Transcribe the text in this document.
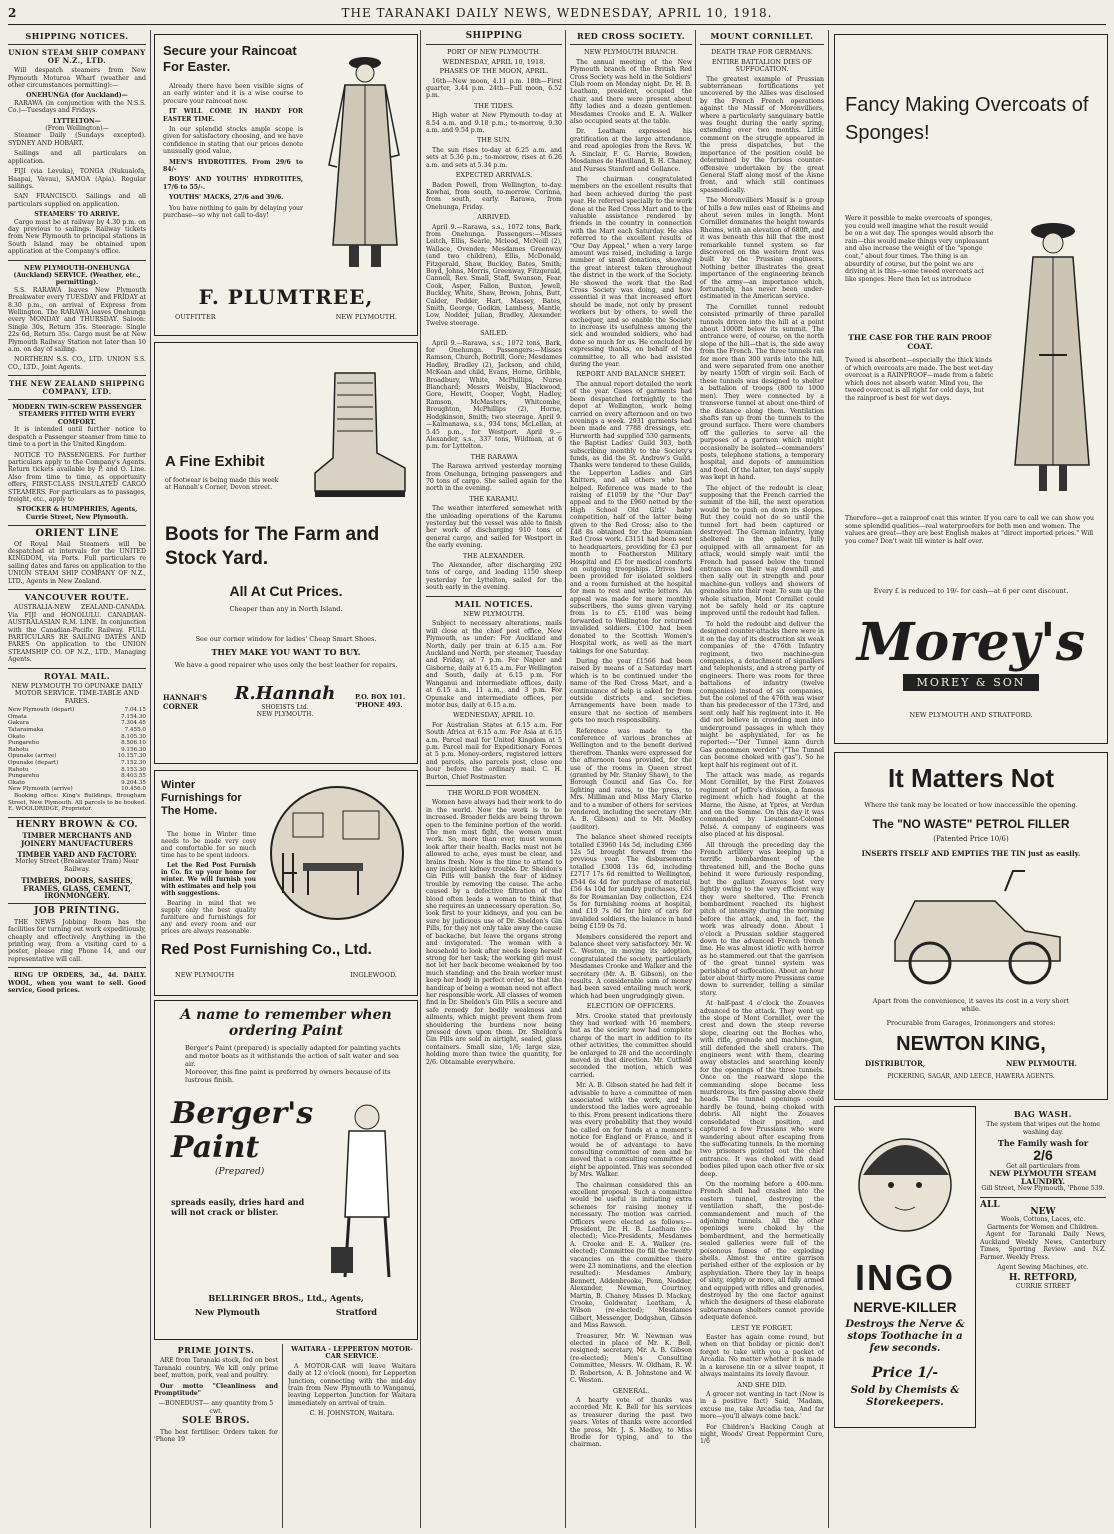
2	THE TARANAKI DAILY NEWS, WEDNESDAY, APRIL 10, 1918.
SHIPPING NOTICES.
UNION STEAM SHIP COMPANY OF N.Z., LTD.
Will despatch steamers from New Plymouth Moturoa Wharf (weather and other circumstances permitting):—
ONEHUNGA (for Auckland)—
RARAWA (in conjunction with the N.S.S. Co.)—Tuesdays and Fridays.
LYTTELTON—
(From Wellington)—
Steamer Daily (Sundays excepted). SYDNEY AND HOBART.
Sailings and all particulars on application.
FIJI (via Levuka), TONGA (Nukualofa, Haapai, Vavau), SAMOA (Apia). Regular sailings.
SAN FRANCISCO. Sailings and all particulars supplied on application.
STEAMERS' TO ARRIVE.
Cargo must be at railway by 4.30 p.m. on day previous to sailings. Railway tickets from New Plymouth to principal stations in South Island may be obtained upon application at the Company's office.
NEW PLYMOUTH-ONEHUNGA (Auckland) SERVICE. (Weather, etc., permitting).
S.S. RARAWA leaves New Plymouth Breakwater every TUESDAY and FRIDAY at 8.30 p.m., on arrival of Express from Wellington. The RARAWA leaves Onehunga every MONDAY and THURSDAY. Saloon: Single 30s, Return 35s. Steerage: Single 22s 6d, Return 35s. Cargo must be at New Plymouth Railway Station not later than 10 a.m. on day of sailing.
NORTHERN S.S. CO., LTD. UNION S.S. CO., LTD., Joint Agents.
THE NEW ZEALAND SHIPPING COMPANY, LTD.
MODERN TWIN-SCREW PASSENGER STEAMERS FITTED WITH EVERY COMFORT.
It is intended until further notice to despatch a Passenger steamer from time to time to a port in the United Kingdom.
NOTICE TO PASSENGERS. For further particulars apply to the Company's Agents. Return tickets available by P. and O. Line. Also from time to time, as opportunity offers, FIRST-CLASS INSULATED CARGO STEAMERS. For particulars as to passages, freight, etc., apply to
STOCKER & HUMPHRIES, Agents, Currie Street, New Plymouth.
ORIENT LINE
Of Royal Mail Steamers will be despatched at intervals for the UNITED KINGDOM, via Ports. Full particulars re sailing dates and fares on application to the UNION STEAM SHIP COMPANY OF N.Z., LTD., Agents in New Zealand.
VANCOUVER ROUTE.
AUSTRALIA-NEW ZEALAND-CANADA. Via FIJI and HONOLULU. CANADIAN-AUSTRALASIAN R.M. LINE. In conjunction with the Canadian-Pacific Railway. FULL PARTICULARS RE SAILING DATES AND FARES On application to the UNION STEAMSHIP CO. OF N.Z., LTD., Managing Agents.
ROYAL MAIL.
NEW PLYMOUTH TO OPUNAKE DAILY MOTOR SERVICE. TIME-TABLE AND FARES.
New Plymouth (depart)	7.0 4.15
Omata	7.15 4.30
Oakura	7.30 4.45
Tataraimaka	7.45 5.0
Okato	8.10 5.30
Pungarehu	8.50 6.10
Rahotu	9.15 6.30
Opunake (arrive)	10.15 7.30
Opunake (depart)	7.15 2.30
Rahotu	8.15 3.30
Pungarehu	8.40 3.55
Okato	9.20 4.35
New Plymouth (arrive)	10.45 6.0
Booking office: King's Buildings, Brougham Street, New Plymouth. All parcels to be booked. E. WOOLDRIDGE, Proprietor.
HENRY BROWN & CO.
TIMBER MERCHANTS AND JOINERY MANUFACTURERS
TIMBER YARD AND FACTORY:
Morley Street (Breakwater Tram) Near Railway.
TIMBERS, DOORS, SASHES, FRAMES, GLASS, CEMENT, IRONMONGERY.
JOB PRINTING.
THE NEWS Jobbing Room has the facilities for turning out work expeditiously, cheaply and effectively. Anything in the printing way, from a visiting card to a poster, please ring Phone 14, and our representative will call.
RING UP ORDERS, 3d., 4d. DAILY. WOOL, when you want to sell. Good service, Good prices.
Secure your Raincoat For Easter.
Already there have been visible signs of an early winter and it is a wise course to procure your raincoat now.
IT WILL COME IN HANDY FOR EASTER TIME.
In our splendid stocks ample scope is given for satisfactory choosing, and we have confidence in stating that our prices denote unusually good value.
MEN'S HYDROTITES. From 29/6 to 84/-
BOYS' AND YOUTHS' HYDROTITES, 17/6 to 55/-.
YOUTHS' MACKS, 27/6 and 39/6.
You have nothing to gain by delaying your purchase—so why not call to-day!
F. PLUMTREE,
OUTFITTER	NEW PLYMOUTH.
A Fine Exhibit
of footwear is being made this week at Hannah's Corner, Devon street.
Boots for The Farm and Stock Yard.
All At Cut Prices.
Cheaper than any in North Island.
See our corner window for ladies' Cheap Smart Shoes.
THEY MAKE YOU WANT TO BUY.
We have a good repairer who uses only the best leather for repairs.
HANNAH'S CORNER
R.Hannah
SHOEISTS Ltd.
NEW PLYMOUTH.
P.O. BOX 101. 'PHONE 493.
Winter Furnishings for The Home.
The home in Winter time needs to be made very cosy and comfortable for so much time has to be spent indoors.
Let the Red Post Furnish in Co. fix up your home for winter. We will furnish you with estimates and help you with suggestions.
Bearing in mind that we supply only the best quality furniture and furnishings for any and every room and our prices are always reasonable.
Red Post Furnishing Co., Ltd.
NEW PLYMOUTH	INGLEWOOD.
A name to remember when ordering Paint
Berger's Paint (prepared) is specially adapted for painting yachts and motor boats as it withstands the action of salt water and sea air.
Moreover, this fine paint is preferred by owners because of its lustrous finish.
Berger's Paint
(Prepared)
spreads easily, dries hard and will not crack or blister.
BELLRINGER BROS., Ltd., Agents,
New Plymouth	Stratford
PRIME JOINTS.
ARE from Taranaki stock, fed on best Taranaki country. We kill only prime beef, mutton, pork, veal and poultry.
Our motto "Cleanliness and Promptitude"
—BONEDUST— any quantity from 5 cwt.
SOLE BROS.
The best fertiliser. Orders taken for 'Phone 19
SHIPPING
PORT OF NEW PLYMOUTH.
WEDNESDAY, APRIL 10, 1918.
PHASES OF THE MOON, APRIL.
16th—New moon, 4.11 p.m. 18th—First quarter, 3.44 p.m. 24th—Full moon, 6.52 p.m.
THE TIDES.
High water at New Plymouth to-day at 8.54 a.m. and 9.18 p.m.; to-morrow, 9.30 a.m. and 9.54 p.m.
THE SUN.
The sun rises to-day at 6.25 a.m. and sets at 5.36 p.m.; to-morrow, rises at 6.26 a.m. and sets at 5.34 p.m.
EXPECTED ARRIVALS.
Baden Powell, from Wellington, to-day. Kowhai, from south, to-morrow. Corinna, from south, early. Rarawa, from Onehunga, Friday.
ARRIVED.
April 9.—Rarawa, s.s., 1072 tons, Bark, from Onehunga. Passengers:—Misses Leitch, Ellis, Searle, Mcleod, McNeill (2), Wallace, Ovenden; Mesdames Greenway (and two children), Ellis, McDonald, Fitzgerald, Shaw, Buckley, Bates, Smith; Boyd, Johns, Morris, Greenway, Fitzgerald, Cannell, Rev. Small, Staff, Swanson, Fear, Cook, Asper, Fallon, Buxton, Jewell, Buckley, White, Shaw, Brown, Johns, Butt, Calder, Pedder, Hart, Massey, Bates, Smith, George, Godkin, Lambess, Mantle, Low, Nodder, Julian, Bradley, Alexander. Twelve steerage.
SAILED.
April 9.—Rarawa, s.s., 1072 tons, Bark, for Onehunga. Passengers:—Misses Ramson, Church, Bottrill, Gore; Mesdames Hadley, Bradley (2), Jackson, and child, McKean and child, Evans, Horne, Gribble, Broadbury, White, McPhillips, Nurse Blanchard; Messrs Welsby, Blackwood, Gore, Hewitt, Cooper, Voght, Hadley, Ramson, McMasters, Whitcombe, Broughton, McPhillips (2), Horne, Hodgkinson, Smith; two steerage. April 9.—Kaimanawa, s.s., 934 tons, McLellan, at 5.45 p.m., for Westport. April 9.—Alexander, s.s., 337 tons, Wildman, at 6 p.m. for Lyttelton.
THE RARAWA
The Rarawa arrived yesterday morning from Onehunga, bringing passengers and 70 tons of cargo. She sailed again for the north in the evening.
THE KARAMU.
The weather interfered somewhat with the unloading operations of the Karamu yesterday but the vessel was able to finish her work of discharging 910 tons of general cargo, and sailed for Westport in the early evening.
THE ALEXANDER.
The Alexander, after discharging 292 tons of cargo, and loading 1150 sheep yesterday for Lyttelton, sailed for the south early in the evening.
MAIL NOTICES.
NEW PLYMOUTH.
Subject to necessary alterations, mails will close at the chief post office, New Plymouth, as under: For Auckland and North, daily per train at 6.15 a.m. For Auckland and North, per steamer, Tuesday and Friday, at 7 p.m. For Napier and Gisborne, daily at 6.15 a.m. For Wellington and South, daily at 6.15 p.m. For Wanganui and intermediate offices, daily at 6.15 a.m., 11 a.m., and 3 p.m. For Opunake and intermediate offices, per motor bus, daily at 6.15 a.m.
WEDNESDAY, APRIL 10.
For Australian States at 6.15 a.m. For South Africa at 6.15 a.m. For Asia at 6.15 a.m. Parcel mail for United Kingdom at 5 p.m. Parcel mail for Expeditionary Forces at 5 p.m. Money-orders, registered letters and parcels, also parcels post, close one hour before the ordinary mail. C. H. Burton, Chief Postmaster.
THE WORLD FOR WOMEN.
Women have always had their work to do in the world. Now the work is to be increased. Broader fields are being thrown open to the feminine portion of the world. The men must fight, the women must work. So, more than ever, must women look after their health. Backs must not be allowed to ache, eyes must be clear, and brains fresh. Now is the time to attend to any incipient kidney trouble. Dr. Sheldon's Gin Pills will banish the fear of kidney trouble by removing the cause. The ache caused by a defective filtration of the blood often leads a woman to think that she requires an unnecessary operation. So, look first to your kidneys, and you can be sure by judicious use of Dr. Sheldon's Gin Pills, for they not only take away the cause of backache, but leave the organs strong and invigorated. The woman with a household to look after needs keep herself strong for her task; the working girl must not let her back become weakened by too much standing; and the brain worker must keep her body in perfect order, so that the handicap of being a woman need not affect her responsible work. All classes of women find in Dr. Sheldon's Gin Pills a secure and safe remedy for bodily weakness and ailments, which might prevent them from shouldering the burdens now being pressed down upon them. Dr. Sheldon's Gin Pills are sold in airtight, sealed, glass containers. Small size, 1/6; large size, holding more than twice the quantity, for 2/6. Obtainable everywhere.
WAITARA - LEPPERTON MOTOR-CAR SERVICE.
A MOTOR-CAR will leave Waitara daily at 12 o'clock (noon), for Lepperton Junction, connecting with the mid-day train from New Plymouth to Wanganui, leaving Lepperton Junction for Waitara immediately on arrival of train.
C. H. JOHNSTON, Waitara.
RED CROSS SOCIETY.
NEW PLYMOUTH BRANCH.
The annual meeting of the New Plymouth branch of the British Red Cross Society was held in the Soldiers' Club room on Monday night. Dr. H. B. Leatham, president, occupied the chair, and there were present about fifty ladies and a dozen gentlemen. Mesdames Crooke and E. A. Walker also occupied seats at the table.
Dr. Leatham expressed his gratification at the large attendance, and read apologies from the Revs. W. A. Sinclair, F. G. Harvie, Bowden, Mesdames de Havilland, B. H. Chaney, and Nurses Stanford and Gollance.
The chairman congratulated members on the excellent results that had been achieved during the past year. He referred specially to the work done at the Red Cross Mart and to the valuable assistance rendered by friends in the country in connection with the Mart each Saturday. He also referred to the excellent results of "Our Day Appeal," when a very large amount was raised, including a large number of small donations, showing the great interest taken throughout the district in the work of the Society. He showed the work that the Red Cross Society was doing, and how essential it was that increased effort should be made, not only by present workers but by others, to swell the exchequer, and so enable the Society to increase its usefulness among the sick and wounded soldiers, who had done so much for us. He concluded by expressing thanks, on behalf of the committee, to all who had assisted during the year.
REPORT AND BALANCE SHEET.
The annual report detailed the work of the year. Cases of garments had been despatched fortnightly to the depot at Wellington, work being carried on every afternoon and on two evenings a week. 2931 garments had been made and 7788 dressings, etc. Hurworth had supplied 530 garments, the Baptist Ladies' Guild 303, both subscribing monthly to the Society's funds, as did the St. Andrew's Guild. Thanks were tendered to these Guilds, the Lepperton Ladies and Girl Knitters, and all others who had helped. Reference was made to the raising of £1059 by the "Our Day" appeal and to the £960 netted by the High School Old Girls' baby competition, half of the latter being given to the Red Cross; also to the £48 8s obtained for the Roumanian Red Cross work. £3151 had been sent to headquarters, providing for £3 per month to Featherston Military Hospital and £5 for medical comforts on outgoing troopships. Drives had been provided for isolated soldiers and a room furnished at the hospital for men to rest and write letters. An appeal was made for more monthly subscribers, the sums given varying from 1s to £5. £100 was being forwarded to Wellington for returned invalided soldiers. £100 had been donated to the Scottish Women's Hospital work, as well as the mart takings for one Saturday.
During the year £1566 had been raised by means of a Saturday mart which is to be continued under the name of the Red Cross Mart, and a continuance of help is asked for from outside districts and societies. Arrangements have been made to ensure that no section of members gets too much responsibility.
Reference was made to the conference of various branches at Wellington and to the benefit derived therefrom. Thanks were expressed for the afternoon teas provided, for the use of the rooms in Queen street (granted by Mr. Stanley Shaw), to the Borough Council and Gas Co. for lighting and rates, to the press, to Mrs. Milliman and Miss Mary Clarke and to a number of others for services rendered, including the secretary (Mr. A. B. Gibson) and to Mr. Medley (auditor).
The balance sheet showed receipts totalled £3960 14s 5d, including £366 12s 5d brought forward from the previous year. The disbursements totalled £3008 13s 6d, including £2717 17s 6d remitted to Wellington, £544 6s 4d for purchase of material, £56 4s 10d for sundry purchases, £63 8s for Roumanian Day collection, £24 5s for furnishing rooms at hospital, and £19 7s 6d for hire of cars for invalided soldiers, the balance in hand being £159 0s 7d.
Members considered the report and balance sheet very satisfactory. Mr. W. C. Weston, in moving its adoption, congratulated the society, particularly Mesdames Crooke and Walker and the secretary (Mr. A. B. Gibson), on the results. A considerable sum of money had been saved entailing much work, which had been ungrudgingly given.
ELECTION OF OFFICERS.
Mrs. Crooke stated that previously they had worked with 16 members, but as the society now had complete charge of the mart in addition to its other activities, the committee should be enlarged to 28 and the accordingly moved in that direction. Mr. Cutfield seconded the motion, which was carried.
Mr. A. B. Gibson stated he had felt it advisable to have a committee of men associated with the work, and he understood the ladies were agreeable to this. From present indications there was every probability that they would be called on for funds at a moment's notice for England or France, and it would be of advantage to have consulting committee of men and he moved that a consulting committee of eight be appointed. This was seconded by Mrs. Walker.
The chairman considered this an excellent proposal. Such a committee would be useful in initiating extra schemes for raising money if necessary. The motion was carried. Officers were elected as follows:—President, Dr. H. B. Leatham (re-elected); Vice-Presidents, Mesdames A. Crooke and E. A. Walker (re-elected); Committee (to fill the twenty vacancies on the committee there were 23 nominations, and the election resulted): Mesdames Ambury, Bennett, Addenbrooke, Penn, Nodder, Alexander, Newman, Courtney, Martin, B. Chaney, Misses D. Mackay, Crooke, Goldwater, Leatham, A. Wilson (re-elected); Mesdames Gilbert, Messenger, Dodgshun, Gibson and Miss Rawson.
Treasurer, Mr. W. Newman was elected in place of Mr. K. Bell, resigned; secretary, Mr. A. B. Gibson (re-elected); Men's Consulting Committee, Messrs. W. Oldham, R. W. D. Robertson, A. B. Johnstone and W. C. Weston.
GENERAL.
A hearty vote of thanks was accorded Mr. K. Bell for his services as treasurer during the past two years. Votes of thanks were accorded the press, Mr. J. S. Medley, to Miss Brodie for typing, and to the chairman.
MOUNT CORNILLET.
DEATH TRAP FOR GERMANS.
ENTIRE BATTALION DIES OF SUFFOCATION.
The greatest example of Prussian subterranean fortifications yet uncovered by the Allies was disclosed by the French French operations against the Massif of Moronvilliers, where a particularly sanguinary battle was fought during the early spring, extending over two months. Little comment on the struggle appeared in the press dispatches, but the importance of the position could be determined by the furious counter-offensive undertaken by the great General Staff along most of the Aisne front, and which still continues spasmodically.
The Moronvilliers Massif is a group of hills a few miles east of Rheims and about seven miles in length. Mont Cornillet dominates the height towards Rheims, with an elevation of 680ft, and it was beneath this hill that the most remarkable tunnel system so far discovered on the western front was built by the Prussian engineers. Nothing better illustrates the great importance of the engineering branch of the army—an importance which, fortunately, has never been under-estimated in the American service.
The Cornillet tunnel redoubt consisted primarily of three parallel tunnels driven into the hill at a point about 1000ft below its summit. The entrance were, of course, on the north slope of the hill—that is, the side away from the French. The three tunnels ran for more than 300 yards into the hill, and were separated from one another by nearly 150ft of virgin soil. Each of these tunnels was designed to shelter a battalion of troops (800 to 1000 men). They were connected by a transverse tunnel at about one-third of the distance along them. Ventilation shafts ran up from the tunnels to the ground surface. There were chambers off the galleries to serve all the purposes of a garrison which might occasionally be isolated—commanders' posts, telephone stations, a temporary hospital, and depots of ammunition and food. Of the latter, ten days' supply was kept in hand.
The object of the redoubt is clear, supposing that the French carried the summit of the hill, the next operation would be to push on down its slopes. But they could not do so until the tunnel fort had been captured or destroyed. The German infantry, lying sheltered in the galleries, fully equipped with all armament for an attack, would simply wait until the French had passed below the tunnel entrances on their way downhill and then sally out in strength and pour machine-gun volleys and showers of grenades into their rear. To sum up the whole situation, Mont Cornillet could not be safely held or its capture improved until the redoubt had fallen.
To hold the redoubt and deliver the designed counter-attacks there were in it on the day of its destruction six weak companies of the 476th Infantry regiment, two machine-gun companies, a detachment of signallers and telephonists, and a strong party of engineers. There was room for three battalions of infantry (twelve companies) instead of six companies, but the colonel of the 476th was wiser than his predecessor of the 173rd, and sent only half his regiment into it. He did not believe in crowding men into underground passages in which they might be asphyxiated, for as he reported:—"Der Tunnel kann durch Gas genommen werden" ("The Tunnel can become choked with gas"). So he kept half his regiment out of it.
The attack was made, as regards Mont Cornillet, by the First Zouaves regiment of Joffre's division, a famous regiment which had fought at the Marne, the Aisne, at Ypres, at Verdun and on the Somme. On this day it was commanded by Lieutenant-Colonel Pelsé. A company of engineers was also placed at his disposal.
All through the preceding day the French artillery was keeping up a terrific bombardment of the threatened hill, and the Boche guns behind it were furiously responding, but the gallant Zouaves lost very lightly owing to the very efficient way they were sheltered. The French bombardment reached its highest pitch of intensity during the morning before the attack, and, in fact, the work was already done. About 1 o'clock a Prussian soldier staggered down to the advanced French trench line. He was almost idiotic with horror as he stammered out that the garrison of the great tunnel system was perishing of suffocation. About an hour later about thirty more Prussians came down to surrender, telling a similar story.
At half-past 4 o'clock the Zouaves advanced to the attack. They went up the slope of Mont Cornillet, over the crest and down the steep reverse slope, clearing out the Boches who, with rifle, grenade and machine-gun, still defended the shell craters. The engineers went with them, clearing away obstacles and searching keenly for the openings of the three tunnels. Once on the rearward slope the commanding slope became less murderous, its fire passing above their heads. The tunnel openings could hardly be found, being choked with debris. All night the Zouaves consolidated their position, and captured a few Prussians who were wandering about after escaping from the suffocating tunnels. In the morning two prisoners pointed out the chief entrance. It was choked with dead bodies piled upon each other five or six deep.
On the morning before a 400-mm. French shell had crashed into the eastern tunnel, destroying the ventilation shaft, the post-de-commandement and much of the adjoining tunnels. All the other openings were choked by the bombardment, and the hermetically sealed galleries were full of the poisonous fumes of the exploding shells. Almost the entire garrison perished either of the explosion or by asphyxiation. There they lay in heaps of sixty, eighty or more, all fully armed and equipped with rifles and grenades, destroyed by the one factor against which the designers of these elaborate subterranean shelters cannot provide adequate defence.
LEST YE FORGET.
Easter has again come round, but when on that holiday or picnic don't forget to take with you a packet of Arcadia. No matter whether it is made in a kerosene tin or a silver teapot, it always maintains its lovely flavour.
AND SHE DID.
A grocer not wanting in tact (Now is in a positive fact) Said, 'Madam, excuse me, take Arcadia tea, And far more—you'll always come back.'
For Children's Hacking Cough at night, Woods' Great Peppermint Cure, 1/6
Fancy Making Overcoats of Sponges!
Were it possible to make overcoats of sponges, you could well imagine what the result would be on a wet day. The sponges would absorb the rain—this would make things very unpleasant and also increase the weight of the "sponge coat," about four times. The thing is an absurdity of course, but the point we are driving at is this—some tweed overcoats act like sponges. Here then let us introduce
THE CASE FOR THE RAIN PROOF COAT.
Tweed is absorbent—especially the thick kinds of which overcoats are made. The best wet-day overcoat is a RAINPROOF—made from a fabric which does not absorb water. Mind you, the tweed overcoat is all right for cold days, but the rainproof is best for wet days.
Therefore—get a rainproof coat this winter. If you care to call we can show you some splendid qualities—real waterproofers for both men and women. The values are great—they are best English makes at "direct imported prices." Will you come? Don't wait till winter is half over.
Every £ is reduced to 19/- for cash—at 6 per cent discount.
Morey's
MOREY & SON
NEW PLYMOUTH AND STRATFORD.
It Matters Not
Where the tank may be located or how inaccessible the opening.
The "NO WASTE" PETROL FILLER
(Patented Price 10/6)
INSERTS ITSELF AND EMPTIES THE TIN just as easily.
Apart from the convenience, it saves its cost in a very short while.
Procurable from Garages, Ironmongers and stores:
NEWTON KING,
DISTRIBUTOR,	NEW PLYMOUTH.
PICKERING, SAGAR, AND LEECE, HAWERA AGENTS.
INGO
NERVE-KILLER
Destroys the Nerve & stops Toothache in a few seconds.
Price 1/-
Sold by Chemists & Storekeepers.
BAG WASH.
The system that wipes out the home washing day.
The Family wash for
2/6
Get all particulars from
NEW PLYMOUTH STEAM LAUNDRY.
Gill Street, New Plymouth, 'Phone 539.
ALL
NEW
Wools, Cottons, Laces, etc.
Garments for Women and Children.
Agent for Taranaki Daily News, Auckland Weekly News, Canterbury Times, Sporting Review and N.Z. Farmer. Weekly Press.
Agent Sewing Machines, etc.
H. RETFORD,
CURRIE STREET
